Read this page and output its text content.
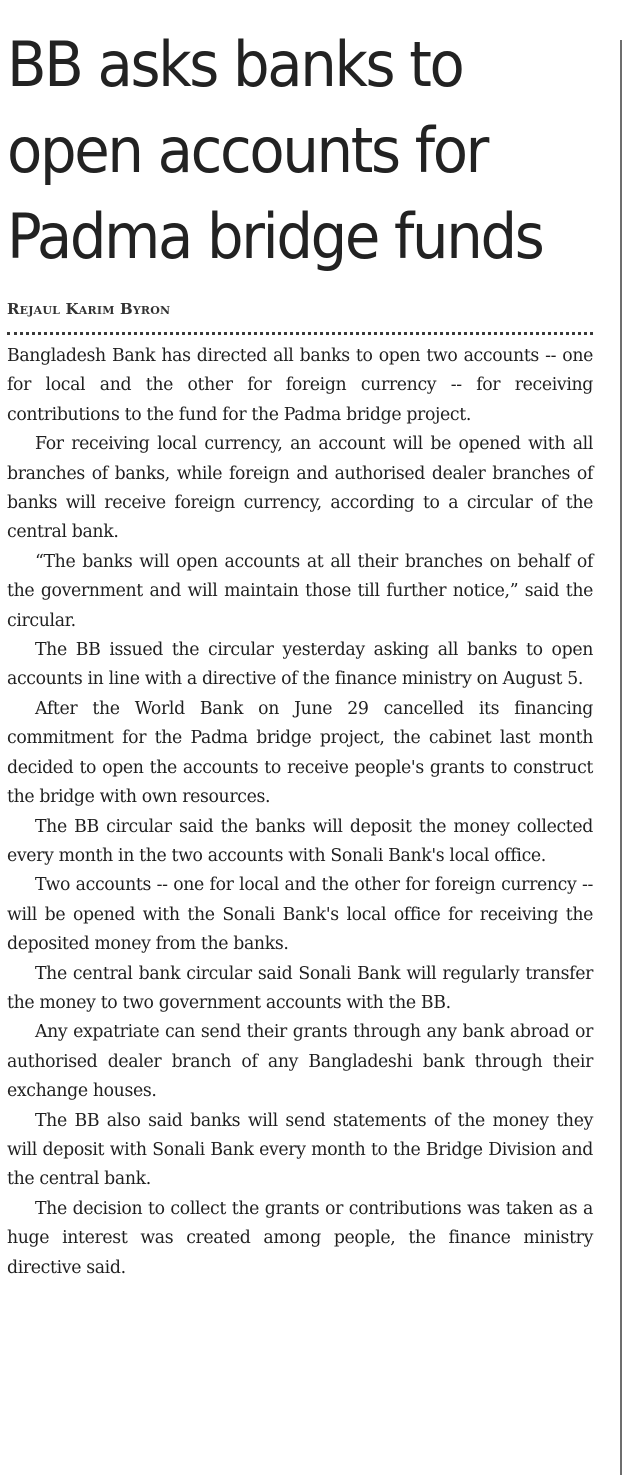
BB asks banks to
open accounts for
Padma bridge funds
Rejaul Karim Byron

Bangladesh Bank has directed all banks to open two accounts -- one for local and the other for foreign currency -- for receiving contributions to the fund for the Padma bridge project.

For receiving local currency, an account will be opened with all branches of banks, while foreign and authorised dealer branches of banks will receive foreign currency, according to a circular of the central bank.

“The banks will open accounts at all their branches on behalf of the government and will maintain those till further notice,” said the circular.

The BB issued the circular yesterday asking all banks to open accounts in line with a directive of the finance ministry on August 5.

After the World Bank on June 29 cancelled its financing commitment for the Padma bridge project, the cabinet last month decided to open the accounts to receive people's grants to construct the bridge with own resources.

The BB circular said the banks will deposit the money collected every month in the two accounts with Sonali Bank's local office.

Two accounts -- one for local and the other for foreign currency -- will be opened with the Sonali Bank's local office for receiving the deposited money from the banks.

The central bank circular said Sonali Bank will regularly transfer the money to two government accounts with the BB.

Any expatriate can send their grants through any bank abroad or authorised dealer branch of any Bangladeshi bank through their exchange houses.

The BB also said banks will send statements of the money they will deposit with Sonali Bank every month to the Bridge Division and the central bank.

The decision to collect the grants or contributions was taken as a huge interest was created among people, the finance ministry directive said.
